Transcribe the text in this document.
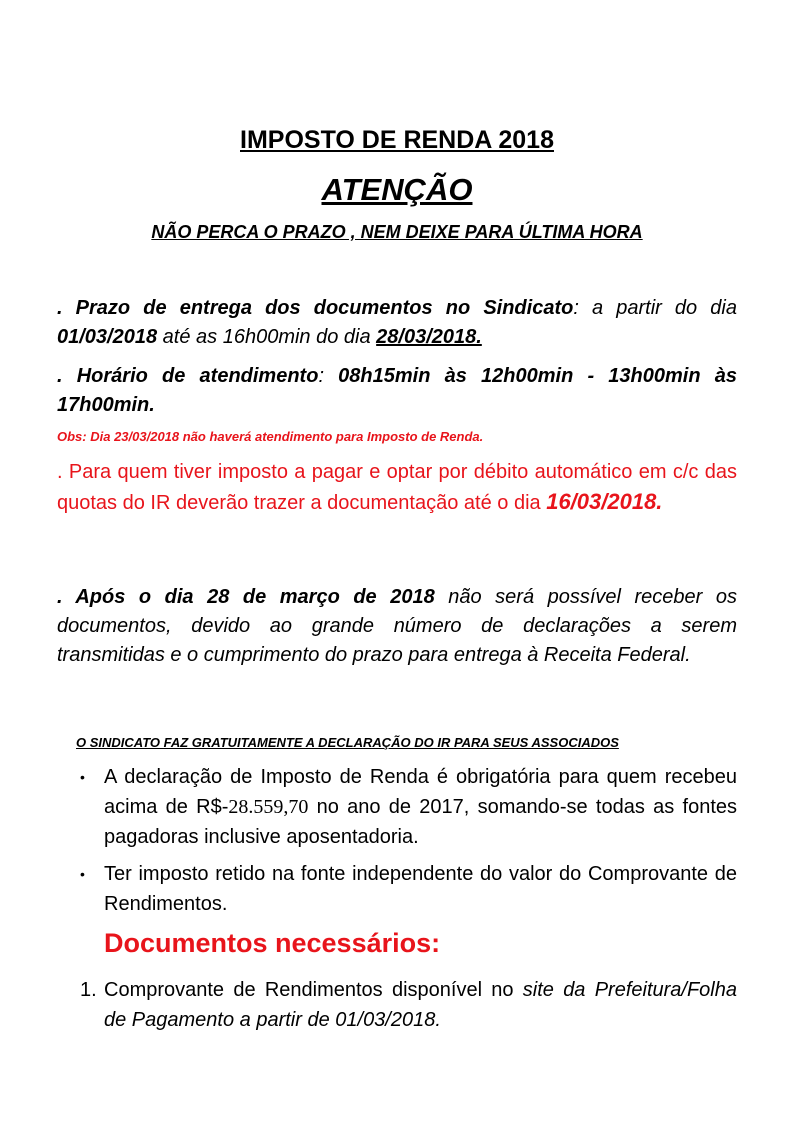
IMPOSTO DE RENDA 2018

ATENÇÃO

NÃO PERCA O PRAZO , NEM DEIXE PARA ÚLTIMA HORA

. Prazo de entrega dos documentos no Sindicato: a partir do dia 01/03/2018 até as 16h00min do dia 28/03/2018.

. Horário de atendimento: 08h15min às 12h00min - 13h00min às 17h00min.

Obs: Dia 23/03/2018 não haverá atendimento para Imposto de Renda.

. Para quem tiver imposto a pagar e optar por débito automático em c/c das quotas do IR deverão trazer a documentação até o dia 16/03/2018.

. Após o dia 28 de março de 2018 não será possível receber os documentos, devido ao grande número de declarações a serem transmitidas e o cumprimento do prazo para entrega à Receita Federal.

O SINDICATO FAZ GRATUITAMENTE A DECLARAÇÃO DO IR PARA SEUS ASSOCIADOS

• A declaração de Imposto de Renda é obrigatória para quem recebeu acima de R$-28.559,70 no ano de 2017, somando-se todas as fontes pagadoras inclusive aposentadoria.

• Ter imposto retido na fonte independente do valor do Comprovante de Rendimentos.

Documentos necessários:

1. Comprovante de Rendimentos disponível no site da Prefeitura/Folha de Pagamento a partir de 01/03/2018.
